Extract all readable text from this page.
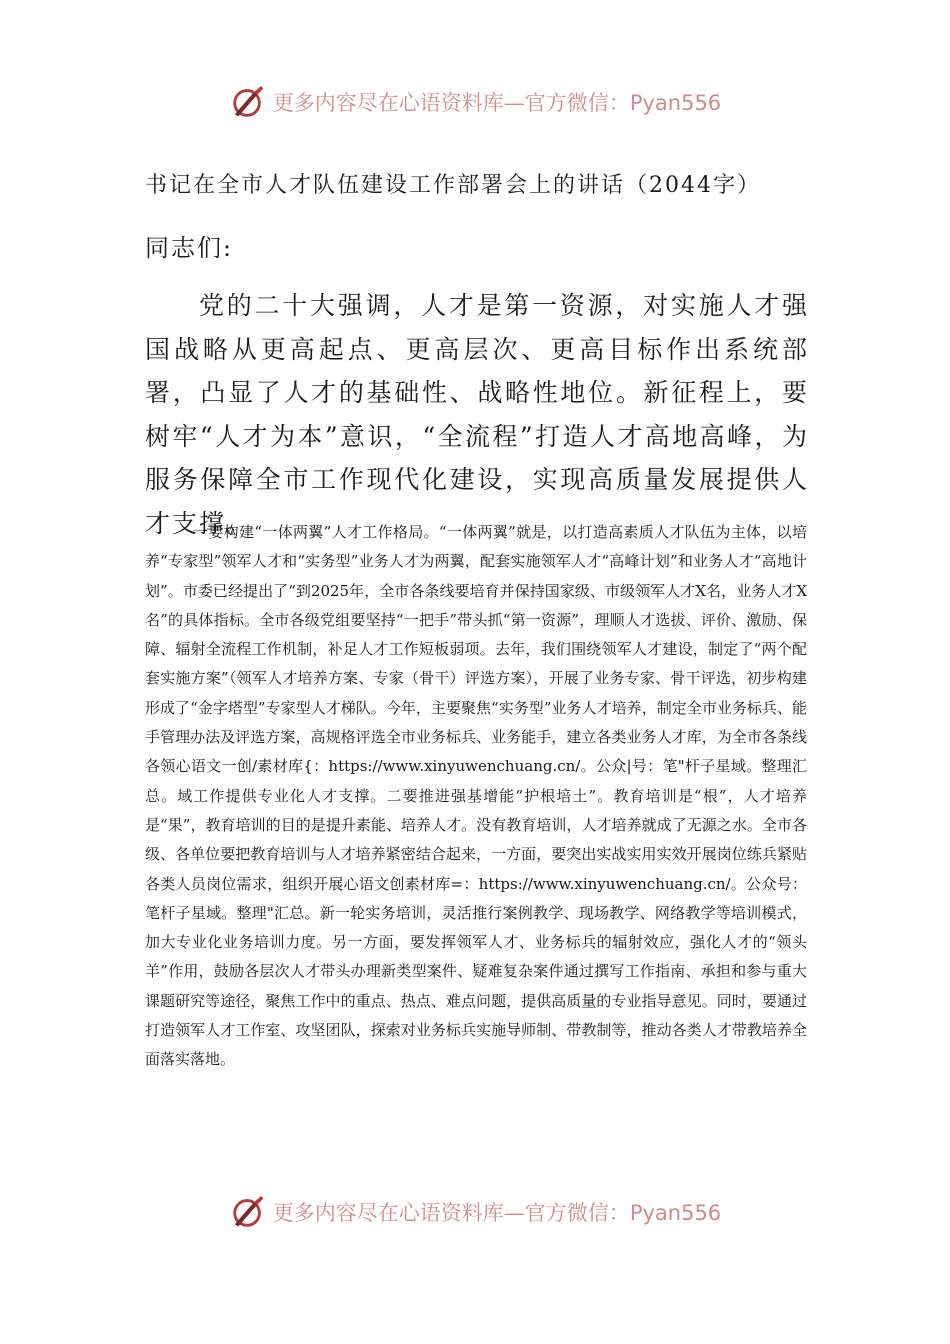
更多内容尽在心语资料库—官方微信：Pyan556
书记在全市人才队伍建设工作部署会上的讲话（2044字）
同志们:
党的二十大强调，人才是第一资源，对实施人才强国战略从更高起点、更高层次、更高目标作出系统部署，凸显了人才的基础性、战略性地位。新征程上，要树牢“人才为本”意识，“全流程”打造人才高地高峰，为服务保障全市工作现代化建设，实现高质量发展提供人才支撑。
一要构建“一体两翼”人才工作格局。“一体两翼”就是，以打造高素质人才队伍为主体，以培养“专家型”领军人才和“实务型”业务人才为两翼，配套实施领军人才“高峰计划”和业务人才“高地计划”。市委已经提出了“到2025年，全市各条线要培育并保持国家级、市级领军人才X名，业务人才X名”的具体指标。全市各级党组要坚持“一把手”带头抓“第一资源”，理顺人才选拔、评价、激励、保障、辐射全流程工作机制，补足人才工作短板弱项。去年，我们围绕领军人才建设，制定了“两个配套实施方案”（领军人才培养方案、专家（骨干）评选方案），开展了业务专家、骨干评选，初步构建形成了“金字塔型”专家型人才梯队。今年，主要聚焦“实务型”业务人才培养，制定全市业务标兵、能手管理办法及评选方案，高规格评选全市业务标兵、业务能手，建立各类业务人才库，为全市各条线各领心语文一创/素材库{：https://www.xinyuwenchuang.cn/。公众|号：笔"杆子星域。整理汇总。域工作提供专业化人才支撑。二要推进强基增能“护根培土”。教育培训是“根”，人才培养是“果”，教育培训的目的是提升素能、培养人才。没有教育培训，人才培养就成了无源之水。全市各级、各单位要把教育培训与人才培养紧密结合起来，一方面，要突出实战实用实效开展岗位练兵紧贴各类人员岗位需求，组织开展心语文创素材库=：https://www.xinyuwenchuang.cn/。公众号：笔杆子星域。整理"汇总。新一轮实务培训，灵活推行案例教学、现场教学、网络教学等培训模式，加大专业化业务培训力度。另一方面，要发挥领军人才、业务标兵的辐射效应，强化人才的“领头羊”作用，鼓励各层次人才带头办理新类型案件、疑难复杂案件通过撰写工作指南、承担和参与重大课题研究等途径，聚焦工作中的重点、热点、难点问题，提供高质量的专业指导意见。同时，要通过打造领军人才工作室、攻坚团队，探索对业务标兵实施导师制、带教制等，推动各类人才带教培养全面落实落地。
更多内容尽在心语资料库—官方微信：Pyan556
